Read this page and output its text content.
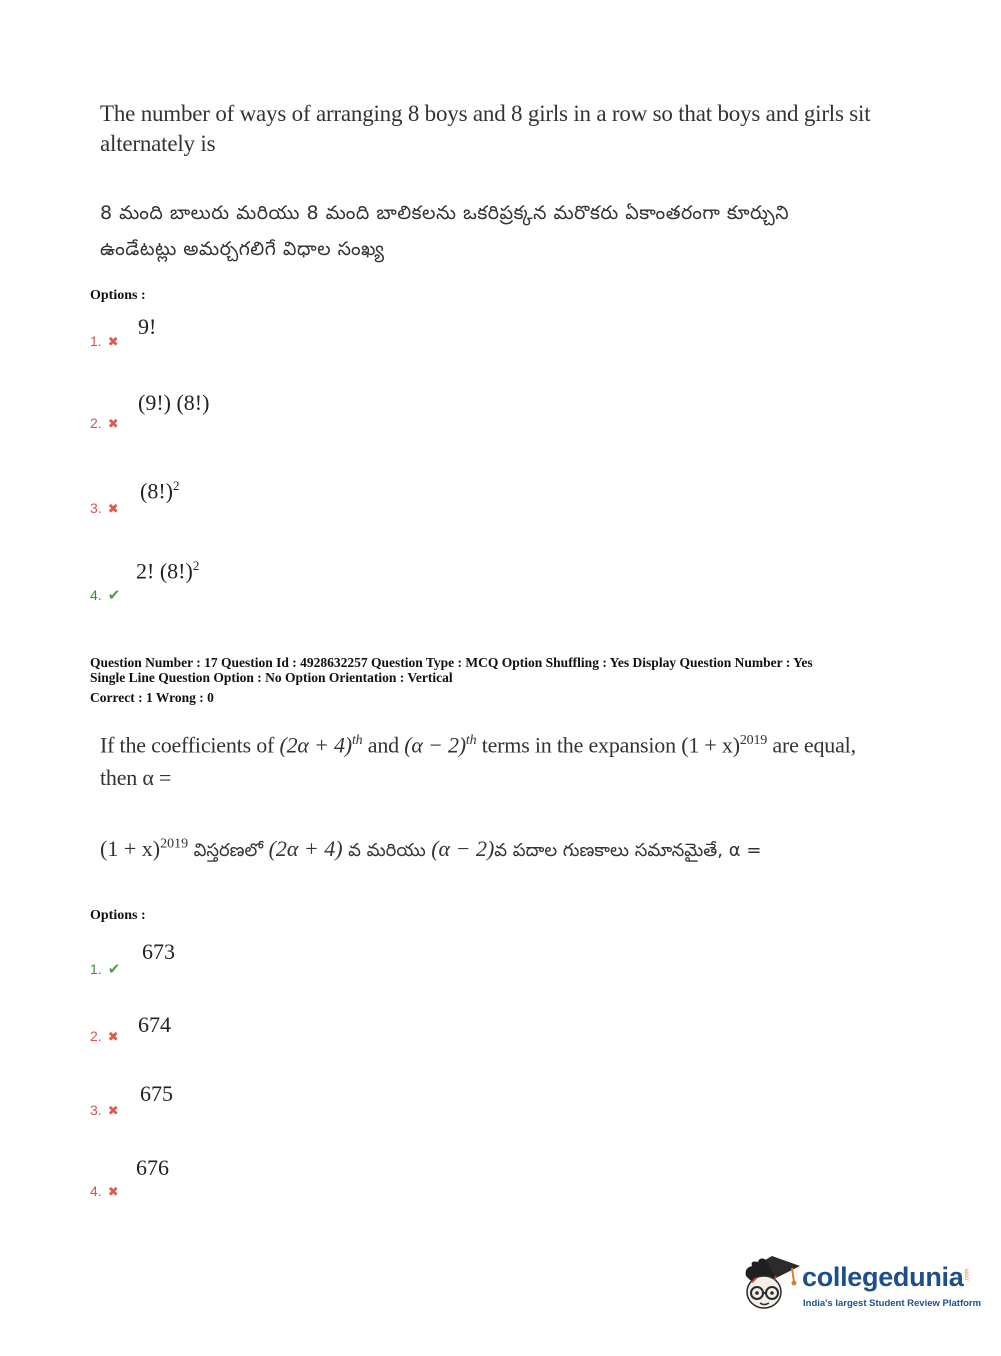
The number of ways of arranging 8 boys and 8 girls in a row so that boys and girls sit alternately is
8 మంది బాలురు మరియు 8 మంది బాలికలను ఒకరిప్రక్కన మరొకరు ఏకాంతరంగా కూర్చుని
ఉండేటట్లు అమర్చగలిగే విధాల సంఖ్య
Options :
1. ✖
9!
2. ✖
(9!) (8!)
3. ✖
$(8!)^2$
4. ✔
2! $(8!)^2$
Question Number : 17 Question Id : 4928632257 Question Type : MCQ Option Shuffling : Yes Display Question Number : Yes
Single Line Question Option : No Option Orientation : Vertical
Correct : 1 Wrong : 0
If the coefficients of $(2\alpha + 4)^{th}$ and $(\alpha - 2)^{th}$ terms in the expansion $(1 + x)^{2019}$ are equal,
then α =
$(1 + x)^{2019}$ విస్తరణలో (2α + 4) వ మరియు (α − 2)వ పదాల గుణకాలు సమానమైతే, α =
Options :
1. ✔
673
2. ✖
674
3. ✖
675
4. ✖
676
collegedunia .com
India's largest Student Review Platform
